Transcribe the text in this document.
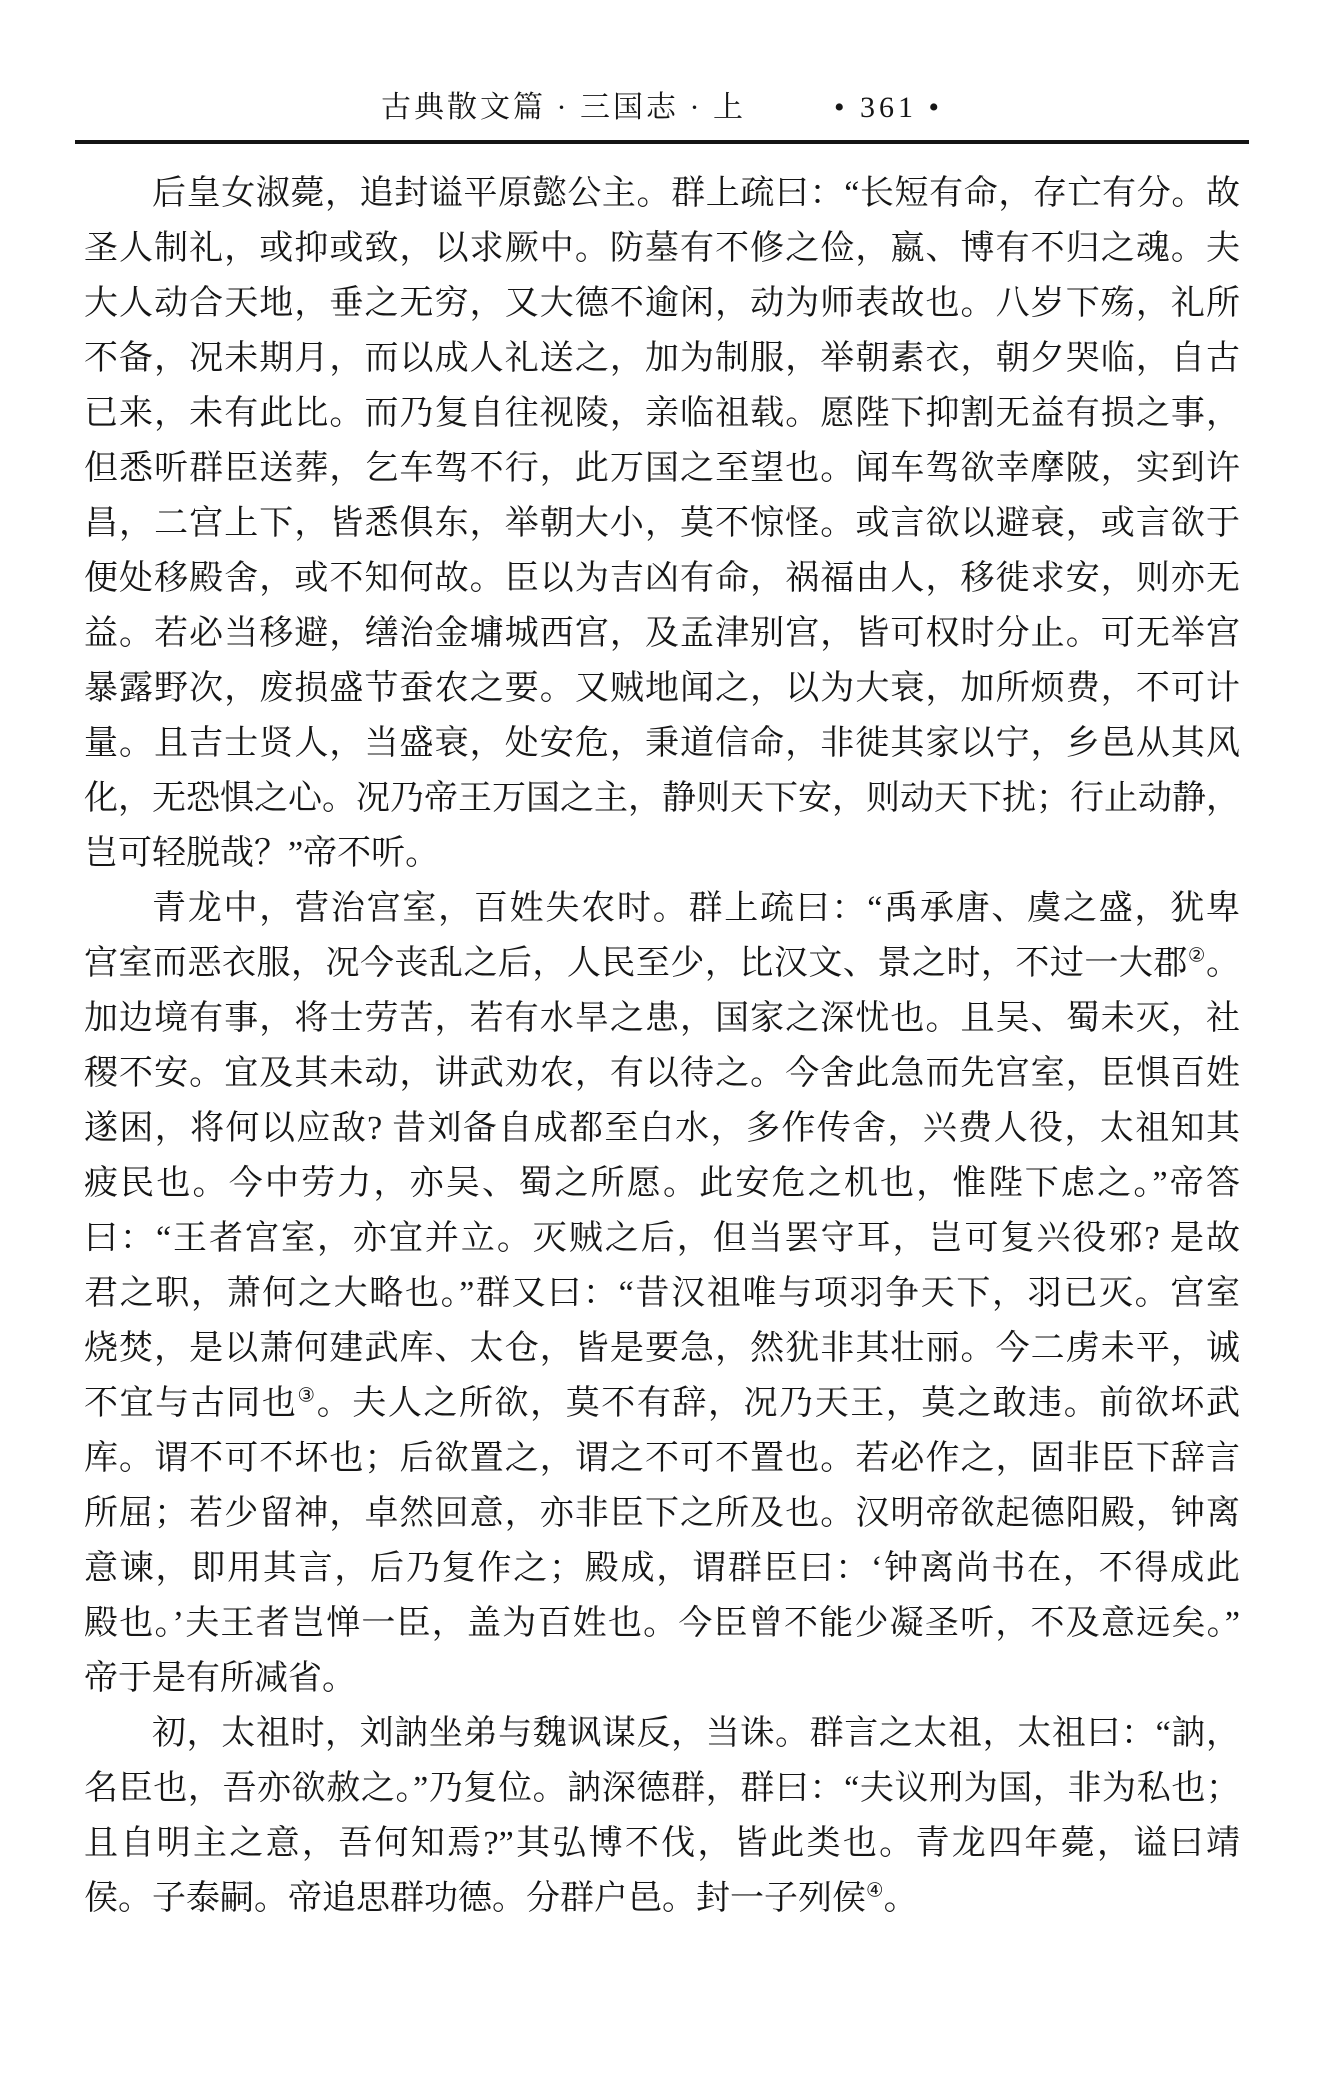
古典散文篇 · 三国志 · 上	• 361 •
后皇女淑薨，追封谥平原懿公主。群上疏曰：“长短有命，存亡有分。故
圣人制礼，或抑或致，以求厥中。防墓有不修之俭，嬴、博有不归之魂。夫
大人动合天地，垂之无穷，又大德不逾闲，动为师表故也。八岁下殇，礼所
不备，况未期月，而以成人礼送之，加为制服，举朝素衣，朝夕哭临，自古
已来，未有此比。而乃复自往视陵，亲临祖载。愿陛下抑割无益有损之事，
但悉听群臣送葬，乞车驾不行，此万国之至望也。闻车驾欲幸摩陂，实到许
昌，二宫上下，皆悉俱东，举朝大小，莫不惊怪。或言欲以避衰，或言欲于
便处移殿舍，或不知何故。臣以为吉凶有命，祸福由人，移徙求安，则亦无
益。若必当移避，缮治金墉城西宫，及孟津别宫，皆可权时分止。可无举宫
暴露野次，废损盛节蚕农之要。又贼地闻之，以为大衰，加所烦费，不可计
量。且吉士贤人，当盛衰，处安危，秉道信命，非徙其家以宁，乡邑从其风
化，无恐惧之心。况乃帝王万国之主，静则天下安，则动天下扰；行止动静，
岂可轻脱哉？”帝不听。
青龙中，营治宫室，百姓失农时。群上疏曰：“禹承唐、虞之盛，犹卑
宫室而恶衣服，况今丧乱之后，人民至少，比汉文、景之时，不过一大郡②。
加边境有事，将士劳苦，若有水旱之患，国家之深忧也。且吴、蜀未灭，社
稷不安。宜及其未动，讲武劝农，有以待之。今舍此急而先宫室，臣惧百姓
遂困，将何以应敌? 昔刘备自成都至白水，多作传舍，兴费人役，太祖知其
疲民也。今中劳力，亦吴、蜀之所愿。此安危之机也，惟陛下虑之。”帝答
曰：“王者宫室，亦宜并立。灭贼之后，但当罢守耳，岂可复兴役邪? 是故
君之职，萧何之大略也。”群又曰：“昔汉祖唯与项羽争天下，羽已灭。宫室
烧焚，是以萧何建武库、太仓，皆是要急，然犹非其壮丽。今二虏未平，诚
不宜与古同也③。夫人之所欲，莫不有辞，况乃天王，莫之敢违。前欲坏武
库。谓不可不坏也；后欲置之，谓之不可不置也。若必作之，固非臣下辞言
所屈；若少留神，卓然回意，亦非臣下之所及也。汉明帝欲起德阳殿，钟离
意谏，即用其言，后乃复作之；殿成，谓群臣曰：‘钟离尚书在，不得成此
殿也。’夫王者岂惮一臣，盖为百姓也。今臣曾不能少凝圣听，不及意远矣。”
帝于是有所减省。
初，太祖时，刘訥坐弟与魏讽谋反，当诛。群言之太祖，太祖曰：“訥，
名臣也，吾亦欲赦之。”乃复位。訥深德群，群曰：“夫议刑为国，非为私也；
且自明主之意，吾何知焉?”其弘博不伐，皆此类也。青龙四年薨，谥曰靖
侯。子泰嗣。帝追思群功德。分群户邑。封一子列侯④。
